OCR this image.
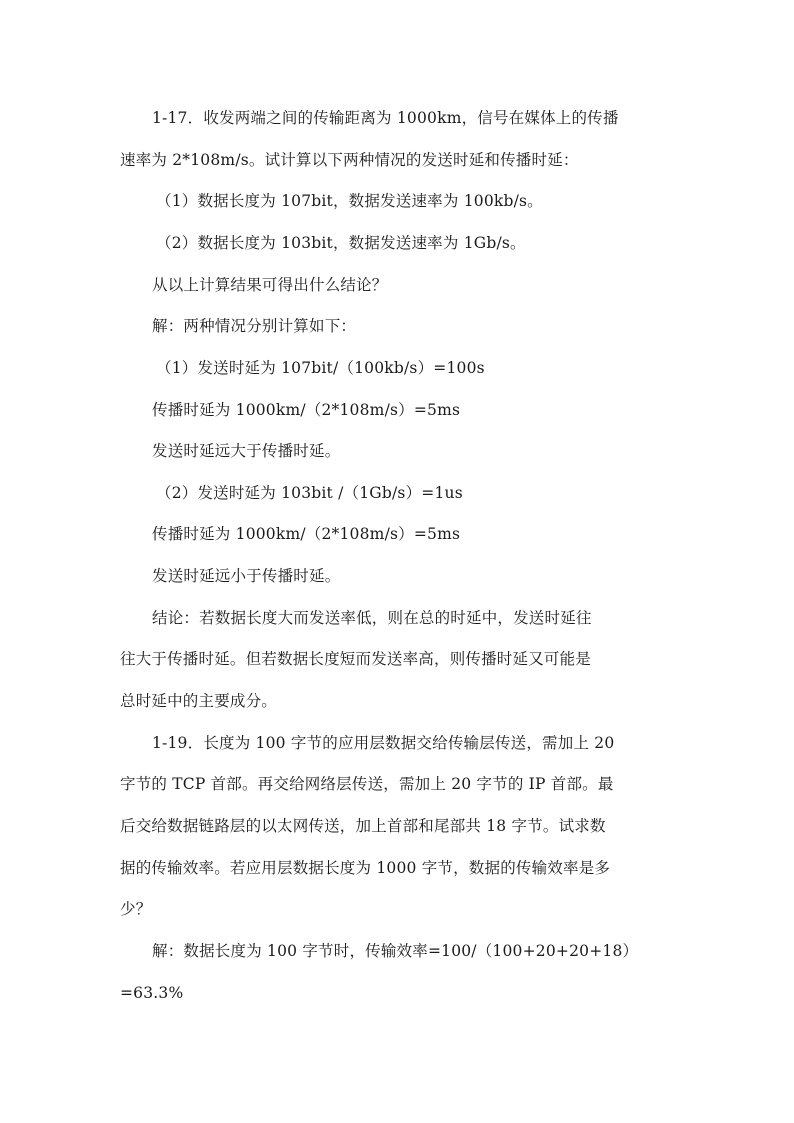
1-17．收发两端之间的传输距离为 1000km，信号在媒体上的传播
速率为 2*108m/s。试计算以下两种情况的发送时延和传播时延：
（1）数据长度为 107bit，数据发送速率为 100kb/s。
（2）数据长度为 103bit，数据发送速率为 1Gb/s。
从以上计算结果可得出什么结论？
解：两种情况分别计算如下：
（1）发送时延为 107bit/（100kb/s）=100s
传播时延为 1000km/（2*108m/s）=5ms
发送时延远大于传播时延。
（2）发送时延为 103bit /（1Gb/s）=1us
传播时延为 1000km/（2*108m/s）=5ms
发送时延远小于传播时延。
结论：若数据长度大而发送率低，则在总的时延中，发送时延往
往大于传播时延。但若数据长度短而发送率高，则传播时延又可能是
总时延中的主要成分。
1-19．长度为 100 字节的应用层数据交给传输层传送，需加上 20
字节的 TCP 首部。再交给网络层传送，需加上 20 字节的 IP 首部。最
后交给数据链路层的以太网传送，加上首部和尾部共 18 字节。试求数
据的传输效率。若应用层数据长度为 1000 字节，数据的传输效率是多
少？
解：数据长度为 100 字节时，传输效率=100/（100+20+20+18）
=63.3%
